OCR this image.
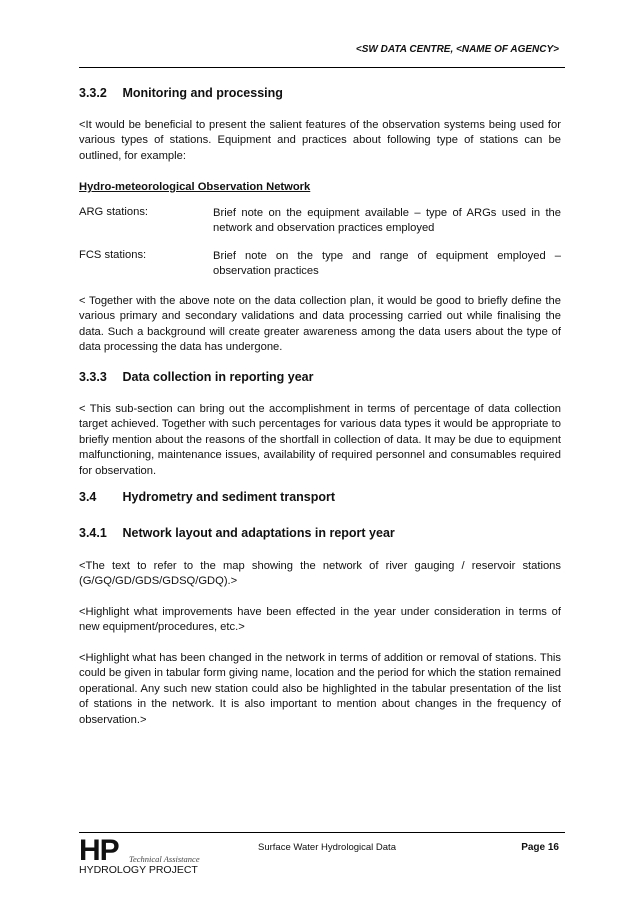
<SW DATA CENTRE, <NAME OF AGENCY>
3.3.2 Monitoring and processing
<It would be beneficial to present the salient features of the observation systems being used for various types of stations. Equipment and practices about following type of stations can be outlined, for example:
Hydro-meteorological Observation Network
ARG stations:	Brief note on the equipment available – type of ARGs used in the network and observation practices employed
FCS stations:	Brief note on the type and range of equipment employed – observation practices
< Together with the above note on the data collection plan, it would be good to briefly define the various primary and secondary validations and data processing carried out while finalising the data. Such a background will create greater awareness among the data users about the type of data processing the data has undergone.
3.3.3 Data collection in reporting year
< This sub-section can bring out the accomplishment in terms of percentage of data collection target achieved. Together with such percentages for various data types it would be appropriate to briefly mention about the reasons of the shortfall in collection of data. It may be due to equipment malfunctioning, maintenance issues, availability of required personnel and consumables required for observation.
3.4 Hydrometry and sediment transport
3.4.1 Network layout and adaptations in report year
<The text to refer to the map showing the network of river gauging / reservoir stations (G/GQ/GD/GDS/GDSQ/GDQ).>
<Highlight what improvements have been effected in the year under consideration in terms of new equipment/procedures, etc.>
<Highlight what has been changed in the network in terms of addition or removal of stations. This could be given in tabular form giving name, location and the period for which the station remained operational. Any such new station could also be highlighted in the tabular presentation of the list of stations in the network. It is also important to mention about changes in the frequency of observation.>
HP Technical Assistance
HYDROLOGY PROJECT
Surface Water Hydrological Data	Page 16
